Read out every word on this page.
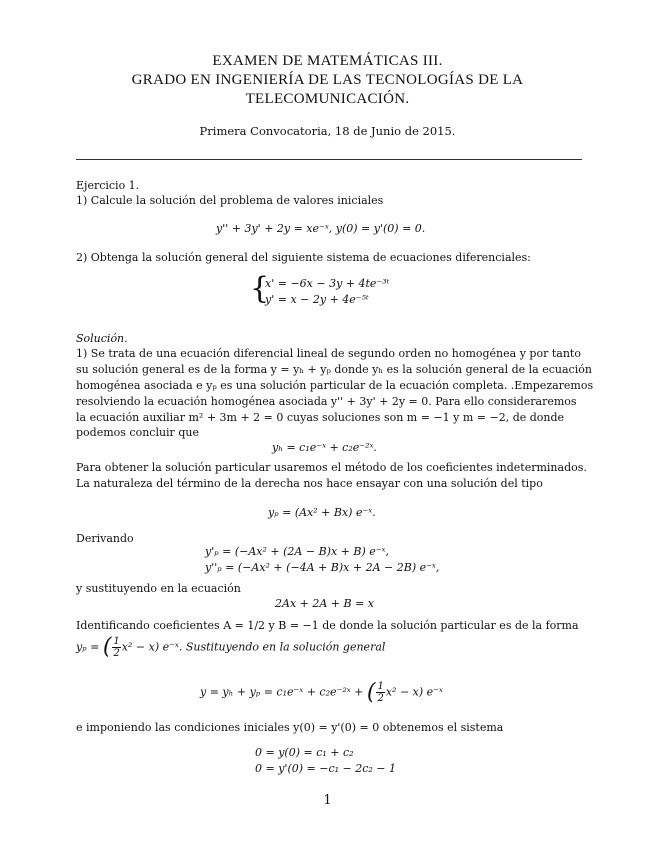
EXAMEN DE MATEMÁTICAS III.
GRADO EN INGENIERÍA DE LAS TECNOLOGÍAS DE LA
TELECOMUNICACIÓN.
Primera Convocatoria, 18 de Junio de 2015.
Ejercicio 1.
1) Calcule la solución del problema de valores iniciales
y'' + 3y' + 2y = xe⁻ˣ, y(0) = y'(0) = 0.
2) Obtenga la solución general del siguiente sistema de ecuaciones diferenciales:
{
x' = −6x − 3y + 4te⁻³ᵗ
y' = x − 2y + 4e⁻⁵ᵗ
Solución.
1) Se trata de una ecuación diferencial lineal de segundo orden no homogénea y por tanto
su solución general es de la forma y = yₕ + yₚ donde yₕ es la solución general de la ecuación
homogénea asociada e yₚ es una solución particular de la ecuación completa. .Empezaremos
resolviendo la ecuación homogénea asociada y'' + 3y' + 2y = 0. Para ello consideraremos
la ecuación auxiliar m² + 3m + 2 = 0 cuyas soluciones son m = −1 y m = −2, de donde
podemos concluir que
yₕ = c₁e⁻ˣ + c₂e⁻²ˣ.
Para obtener la solución particular usaremos el método de los coeficientes indeterminados.
La naturaleza del término de la derecha nos hace ensayar con una solución del tipo
yₚ = (Ax² + Bx) e⁻ˣ.
Derivando
y'ₚ = (−Ax² + (2A − B)x + B) e⁻ˣ,
y''ₚ = (−Ax² + (−4A + B)x + 2A − 2B) e⁻ˣ,
y sustituyendo en la ecuación
2Ax + 2A + B = x
Identificando coeficientes A = 1/2 y B = −1 de donde la solución particular es de la forma
yₚ = ( $\frac{1}{2} x^2 - x$) e⁻ˣ. Sustituyendo en la solución general
y = yₕ + yₚ = c₁e⁻ˣ + c₂e⁻²ˣ + ( $\frac{1}{2} x^2 - x$) e⁻ˣ
e imponiendo las condiciones iniciales y(0) = y'(0) = 0 obtenemos el sistema
0 = y(0) = c₁ + c₂
0 = y'(0) = −c₁ − 2c₂ − 1
1
